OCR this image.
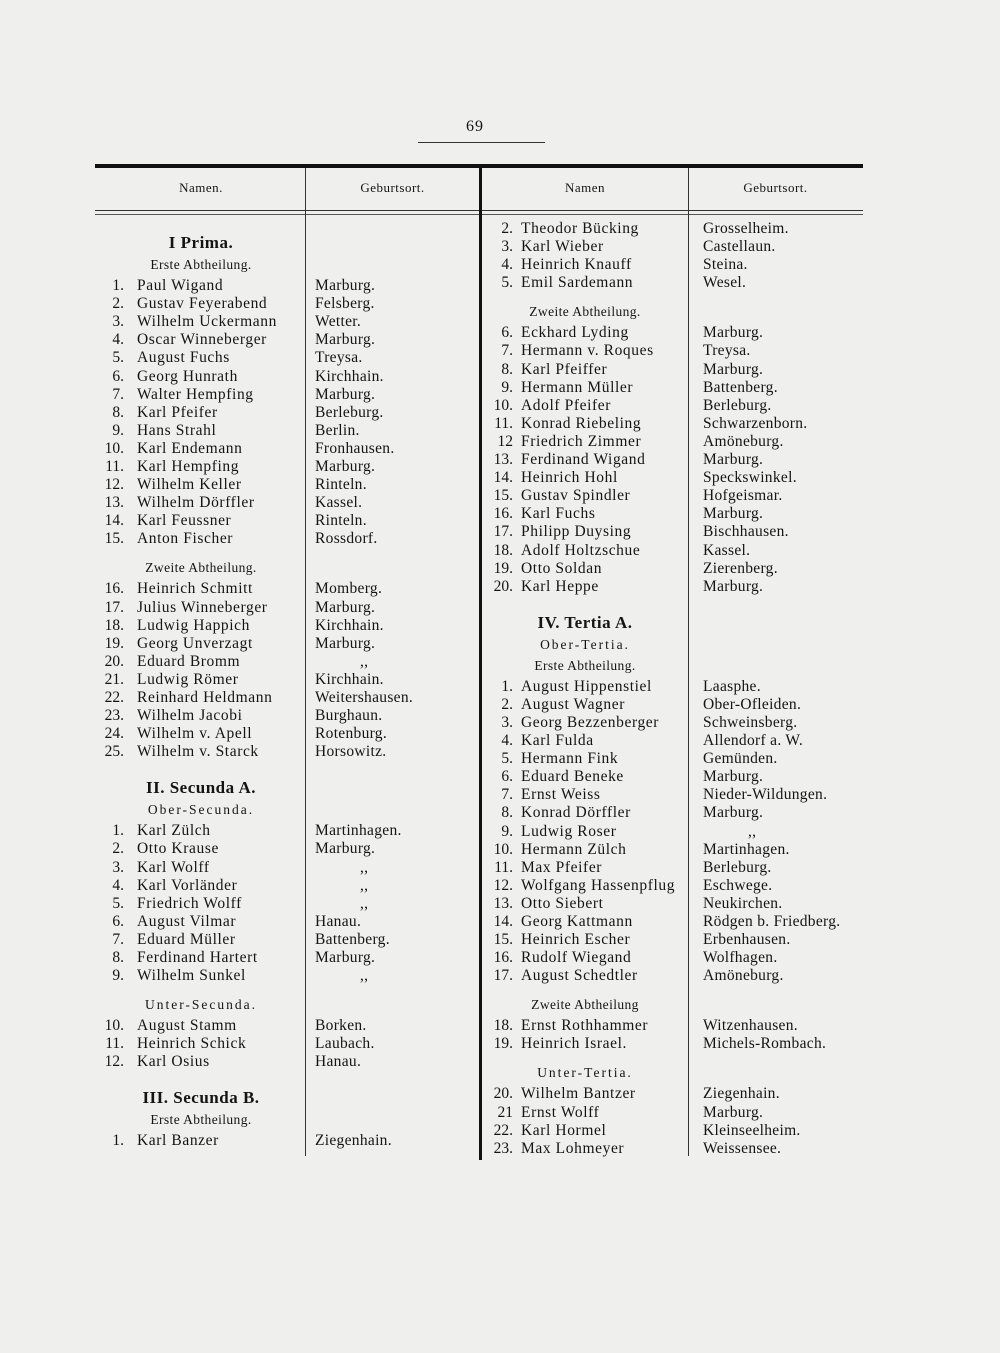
69
Namen.	Geburtsort.	Namen	Geburtsort.
I Prima.
Erste Abtheilung.
1. Paul Wigand	Marburg.
2. Gustav Feyerabend	Felsberg.
3. Wilhelm Uckermann Wetter.
4. Oscar Winneberger	Marburg.
5. August Fuchs	Treysa.
6. Georg Hunrath	Kirchhain.
7. Walter Hempfing	Marburg.
8. Karl Pfeifer	Berleburg.
9. Hans Strahl	Berlin.
10. Karl Endemann	Fronhausen.
11. Karl Hempfing	Marburg.
12. Wilhelm Keller	Rinteln.
13. Wilhelm Dörffler	Kassel.
14. Karl Feussner	Rinteln.
15. Anton Fischer	Rossdorf.
Zweite Abtheilung.
16. Heinrich Schmitt	Momberg.
17. Julius Winneberger	Marburg.
18. Ludwig Happich	Kirchhain.
19. Georg Unverzagt	Marburg.
20. Eduard Bromm	,,
21. Ludwig Römer	Kirchhain.
22. Reinhard Heldmann	Weitershausen.
23. Wilhelm Jacobi	Burghaun.
24. Wilhelm v. Apell	Rotenburg.
25. Wilhelm v. Starck	Horsowitz.
II. Secunda A.
Ober-Secunda.
1. Karl Zülch	Martinhagen.
2. Otto Krause	Marburg.
3. Karl Wolff	,,
4. Karl Vorländer	,,
5. Friedrich Wolff	,,
6. August Vilmar	Hanau.
7. Eduard Müller	Battenberg.
8. Ferdinand Hartert	Marburg.
9. Wilhelm Sunkel	,,
Unter-Secunda.
10. August Stamm	Borken.
11. Heinrich Schick	Laubach.
12. Karl Osius	Hanau.
III. Secunda B.
Erste Abtheilung.
1. Karl Banzer	Ziegenhain.
2. Theodor Bücking	Grosselheim.
3. Karl Wieber	Castellaun.
4. Heinrich Knauff	Steina.
5. Emil Sardemann	Wesel.
Zweite Abtheilung.
6. Eckhard Lyding	Marburg.
7. Hermann v. Roques	Treysa.
8. Karl Pfeiffer	Marburg.
9. Hermann Müller	Battenberg.
10. Adolf Pfeifer	Berleburg.
11. Konrad Riebeling	Schwarzenborn.
12 Friedrich Zimmer	Amöneburg.
13. Ferdinand Wigand	Marburg.
14. Heinrich Hohl	Speckswinkel.
15. Gustav Spindler	Hofgeismar.
16. Karl Fuchs	Marburg.
17. Philipp Duysing	Bischhausen.
18. Adolf Holtzschue	Kassel.
19. Otto Soldan	Zierenberg.
20. Karl Heppe	Marburg.
IV. Tertia A.
Ober-Tertia.
Erste Abtheilung.
1. August Hippenstiel	Laasphe.
2. August Wagner	Ober-Ofleiden.
3. Georg Bezzenberger	Schweinsberg.
4. Karl Fulda	Allendorf a. W.
5. Hermann Fink	Gemünden.
6. Eduard Beneke	Marburg.
7. Ernst Weiss	Nieder-Wildungen.
8. Konrad Dörffler	Marburg.
9. Ludwig Roser	,,
10. Hermann Zülch	Martinhagen.
11. Max Pfeifer	Berleburg.
12. Wolfgang Hassenpflug Eschwege.
13. Otto Siebert	Neukirchen.
14. Georg Kattmann	Rödgen b. Friedberg.
15. Heinrich Escher	Erbenhausen.
16. Rudolf Wiegand	Wolfhagen.
17. August Schedtler	Amöneburg.
Zweite Abtheilung
18. Ernst Rothhammer	Witzenhausen.
19. Heinrich Israel.	Michels-Rombach.
Unter-Tertia.
20. Wilhelm Bantzer	Ziegenhain.
21 Ernst Wolff	Marburg.
22. Karl Hormel	Kleinseelheim.
23. Max Lohmeyer	Weissensee.
